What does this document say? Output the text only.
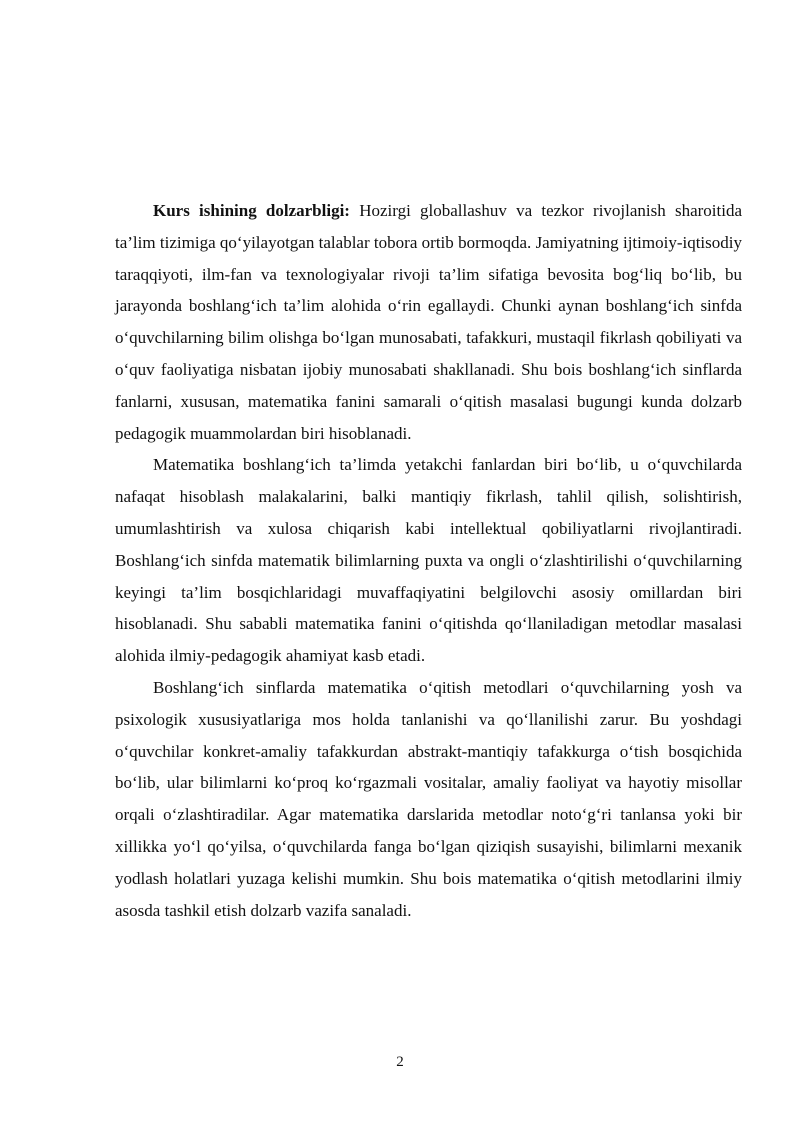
Kurs ishining dolzarbligi: Hozirgi globallashuv va tezkor rivojlanish sharoitida ta’lim tizimiga qo‘yilayotgan talablar tobora ortib bormoqda. Jamiyatning ijtimoiy-iqtisodiy taraqqiyoti, ilm-fan va texnologiyalar rivoji ta’lim sifatiga bevosita bog‘liq bo‘lib, bu jarayonda boshlang‘ich ta’lim alohida o‘rin egallaydi. Chunki aynan boshlang‘ich sinfda o‘quvchilarning bilim olishga bo‘lgan munosabati, tafakkuri, mustaqil fikrlash qobiliyati va o‘quv faoliyatiga nisbatan ijobiy munosabati shakllanadi. Shu bois boshlang‘ich sinflarda fanlarni, xususan, matematika fanini samarali o‘qitish masalasi bugungi kunda dolzarb pedagogik muammolardan biri hisoblanadi.

Matematika boshlang‘ich ta’limda yetakchi fanlardan biri bo‘lib, u o‘quvchilarda nafaqat hisoblash malakalarini, balki mantiqiy fikrlash, tahlil qilish, solishtirish, umumlashtirish va xulosa chiqarish kabi intellektual qobiliyatlarni rivojlantiradi. Boshlang‘ich sinfda matematik bilimlarning puxta va ongli o‘zlashtirilishi o‘quvchilarning keyingi ta’lim bosqichlaridagi muvaffaqiyatini belgilovchi asosiy omillardan biri hisoblanadi. Shu sababli matematika fanini o‘qitishda qo‘llaniladigan metodlar masalasi alohida ilmiy-pedagogik ahamiyat kasb etadi.

Boshlang‘ich sinflarda matematika o‘qitish metodlari o‘quvchilarning yosh va psixologik xususiyatlariga mos holda tanlanishi va qo‘llanilishi zarur. Bu yoshdagi o‘quvchilar konkret-amaliy tafakkurdan abstrakt-mantiqiy tafakkurga o‘tish bosqichida bo‘lib, ular bilimlarni ko‘proq ko‘rgazmali vositalar, amaliy faoliyat va hayotiy misollar orqali o‘zlashtiradilar. Agar matematika darslarida metodlar noto‘g‘ri tanlansa yoki bir xillikka yo‘l qo‘yilsa, o‘quvchilarda fanga bo‘lgan qiziqish susayishi, bilimlarni mexanik yodlash holatlari yuzaga kelishi mumkin. Shu bois matematika o‘qitish metodlarini ilmiy asosda tashkil etish dolzarb vazifa sanaladi.

2
